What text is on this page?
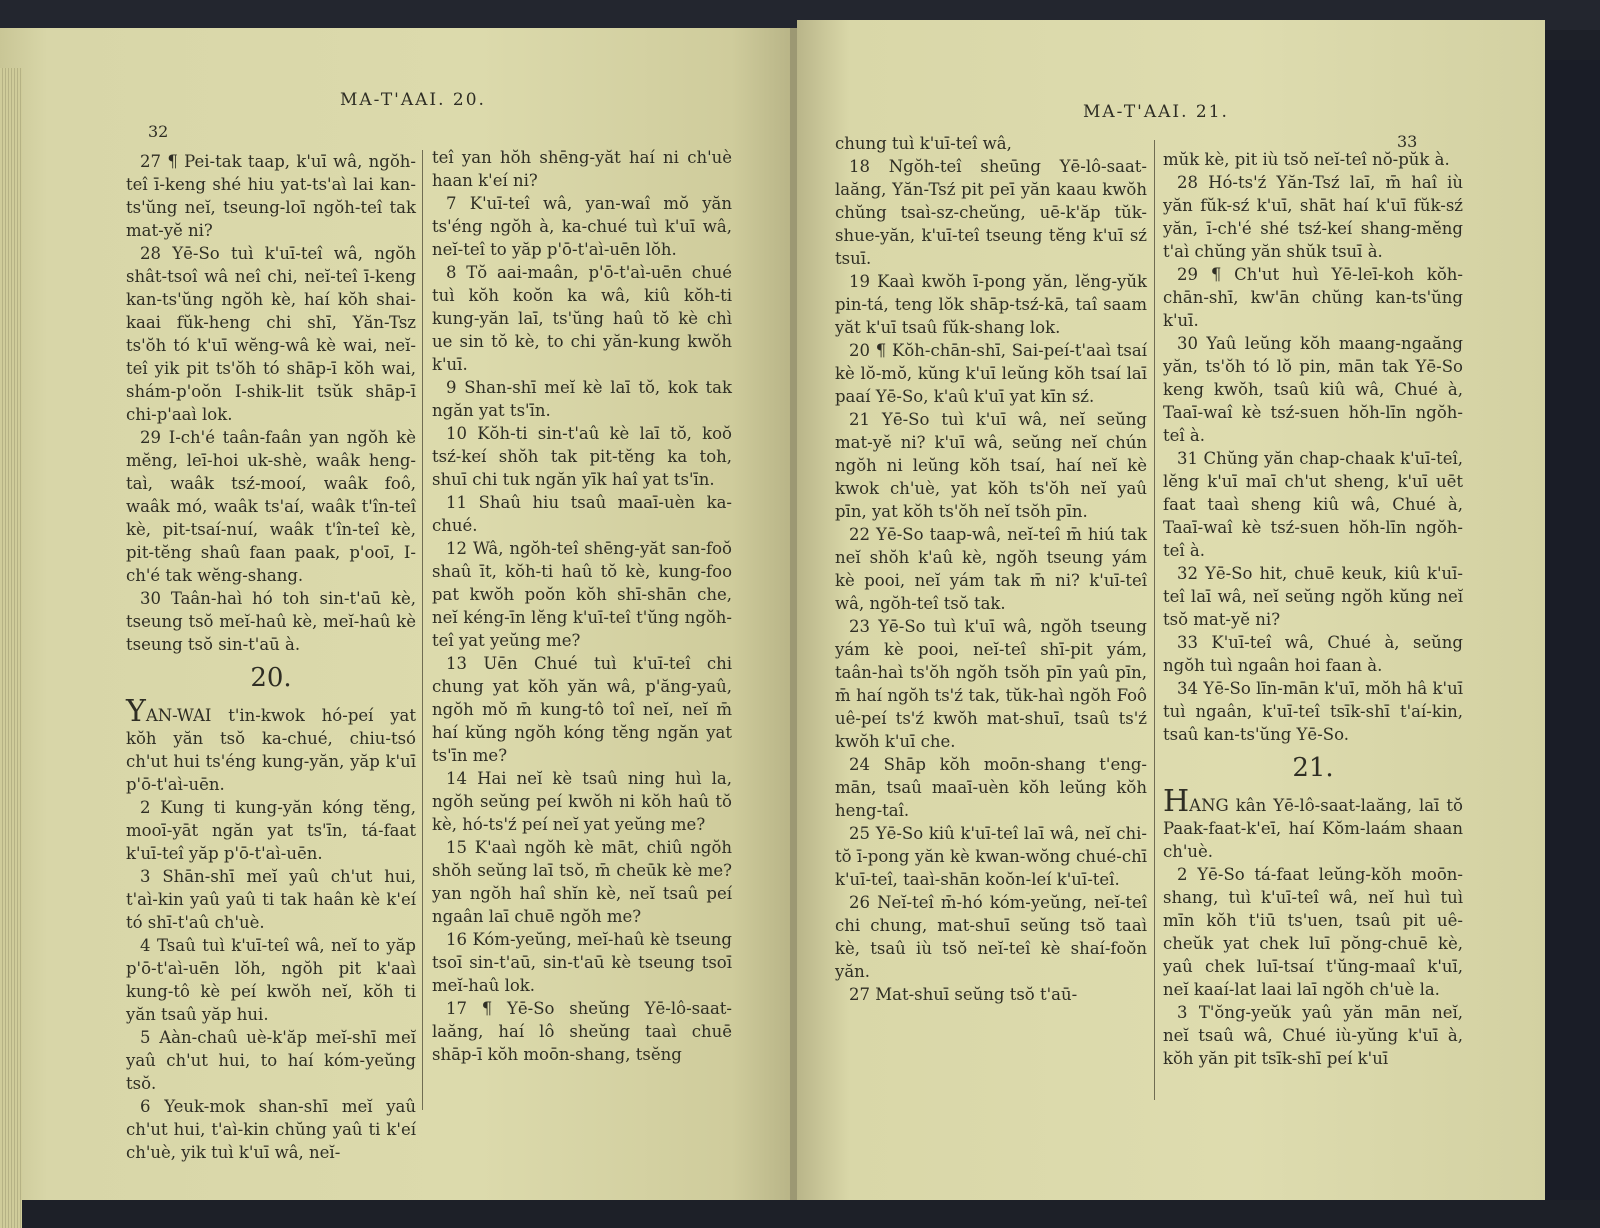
MA-T'AAI. 20.
32

27 ¶ Pei-tak taap, k'uī wâ, ngŏh-teî ī-keng shé hiu yat-ts'aì lai kan-ts'ŭng neĭ, tseung-loī ngŏh-teî tak mat-yĕ ni?

28 Yē-So tuì k'uī-teî wâ, ngŏh shât-tsoî wâ neî chi, neĭ-teî ī-keng kan-ts'ŭng ngŏh kè, haí kŏh shai-kaai fŭk-heng chi shī, Yăn-Tsz ts'ŏh tó k'uī wĕng-wâ kè wai, neĭ-teî yik pit ts'ŏh tó shāp-ī kŏh wai, shám-p'oŏn I-shik-lit tsŭk shāp-ī chi-p'aaì lok.

29 I-ch'é taân-faân yan ngŏh kè mĕng, leī-hoi uk-shè, waâk heng-taì, waâk tsź-mooí, waâk foô, waâk mó, waâk ts'aí, waâk t'în-teî kè, pit-tsaí-nuí, waâk t'în-teî kè, pit-tĕng shaû faan paak, p'ooī, I-ch'é tak wĕng-shang.

30 Taân-haì hó toh sin-t'aū kè, tseung tsŏ meĭ-haû kè, meĭ-haû kè tseung tsŏ sin-t'aū à.

20.

YAN-WAI t'in-kwok hó-peí yat kŏh yăn tsŏ ka-chué, chiu-tsó ch'ut hui ts'éng kung-yăn, yăp k'uī p'ō-t'aì-uēn.

2 Kung ti kung-yăn kóng tĕng, mooī-yāt ngăn yat ts'īn, tá-faat k'uī-teî yăp p'ō-t'aì-uēn.

3 Shān-shī meĭ yaû ch'ut hui, t'aì-kin yaû yaû ti tak haân kè k'eí tó shī-t'aû ch'uè.

4 Tsaû tuì k'uī-teî wâ, neĭ to yăp p'ō-t'aì-uēn lŏh, ngŏh pit k'aaì kung-tô kè peí kwŏh neĭ, kŏh ti yăn tsaû yăp hui.

5 Aàn-chaû uè-k'ăp meĭ-shī meĭ yaû ch'ut hui, to haí kóm-yeŭng tsŏ.

6 Yeuk-mok shan-shī meĭ yaû ch'ut hui, t'aì-kin chŭng yaû ti k'eí ch'uè, yik tuì k'uī wâ, neĭ-

teî yan hŏh shēng-yăt haí ni ch'uè haan k'eí ni?

7 K'uī-teî wâ, yan-waî mŏ yăn ts'éng ngŏh à, ka-chué tuì k'uī wâ, neĭ-teî to yăp p'ō-t'aì-uēn lŏh.

8 Tŏ aai-maân, p'ō-t'aì-uēn chué tuì kŏh koŏn ka wâ, kiû kŏh-ti kung-yăn laī, ts'ŭng haû tŏ kè chì ue sin tŏ kè, to chi yăn-kung kwŏh k'uī.

9 Shan-shī meĭ kè laī tŏ, kok tak ngăn yat ts'īn.

10 Kŏh-ti sin-t'aû kè laī tŏ, koŏ tsź-keí shŏh tak pit-tĕng ka toh, shuī chi tuk ngăn yīk haî yat ts'īn.

11 Shaû hiu tsaû maaī-uèn ka-chué.

12 Wâ, ngŏh-teî shēng-yăt san-foŏ shaû īt, kŏh-ti haû tŏ kè, kung-foo pat kwŏh poŏn kŏh shī-shān che, neĭ kéng-īn lĕng k'uī-teî t'ŭng ngŏh-teî yat yeŭng me?

13 Uēn Chué tuì k'uī-teî chi chung yat kŏh yăn wâ, p'ăng-yaû, ngŏh mŏ m̄ kung-tô toî neĭ, neĭ m̄ haí kŭng ngŏh kóng tĕng ngăn yat ts'īn me?

14 Hai neĭ kè tsaû ning huì la, ngŏh seŭng peí kwŏh ni kŏh haû tŏ kè, hó-ts'ź peí neĭ yat yeŭng me?

15 K'aaì ngŏh kè māt, chiû ngŏh shŏh seŭng laī tsŏ, m̄ cheūk kè me? yan ngŏh haî shĭn kè, neĭ tsaû peí ngaân laī chuē ngŏh me?

16 Kóm-yeŭng, meĭ-haû kè tseung tsoī sin-t'aū, sin-t'aū kè tseung tsoī meĭ-haû lok.

17 ¶ Yē-So sheŭng Yē-lô-saat-laăng, haí lô sheŭng taaì chuē shāp-ī kŏh moōn-shang, tsĕng

MA-T'AAI. 21.
33

chung tuì k'uī-teî wâ,

18 Ngŏh-teî sheūng Yē-lô-saat-laăng, Yăn-Tsź pit peī yăn kaau kwŏh chŭng tsaì-sz-cheŭng, uē-k'ăp tŭk-shue-yăn, k'uī-teî tseung tĕng k'uī sź tsuī.

19 Kaaì kwŏh ī-pong yăn, lĕng-yŭk pin-tá, teng lŏk shāp-tsź-kā, taî saam yăt k'uī tsaû fŭk-shang lok.

20 ¶ Kŏh-chān-shī, Sai-peí-t'aaì tsaí kè lŏ-mŏ, kŭng k'uī leŭng kŏh tsaí laī paaí Yē-So, k'aû k'uī yat kīn sź.

21 Yē-So tuì k'uī wâ, neĭ seŭng mat-yĕ ni? k'uī wâ, seŭng neĭ chún ngŏh ni leŭng kŏh tsaí, haí neĭ kè kwok ch'uè, yat kŏh ts'ŏh neĭ yaû pīn, yat kŏh ts'ŏh neĭ tsŏh pīn.

22 Yē-So taap-wâ, neĭ-teî m̄ hiú tak neĭ shŏh k'aû kè, ngŏh tseung yám kè pooi, neĭ yám tak m̄ ni? k'uī-teî wâ, ngŏh-teî tsŏ tak.

23 Yē-So tuì k'uī wâ, ngŏh tseung yám kè pooi, neĭ-teî shī-pit yám, taân-haì ts'ŏh ngŏh tsŏh pīn yaû pīn, m̄ haí ngŏh ts'ź tak, tŭk-haì ngŏh Foô uê-peí ts'ź kwŏh mat-shuī, tsaû ts'ź kwŏh k'uī che.

24 Shāp kŏh moōn-shang t'eng-mān, tsaû maaī-uèn kŏh leŭng kŏh heng-taî.

25 Yē-So kiû k'uī-teî laī wâ, neĭ chi-tŏ ī-pong yăn kè kwan-wŏng chué-chī k'uī-teî, taaì-shān koŏn-leí k'uī-teî.

26 Neĭ-teî m̄-hó kóm-yeŭng, neĭ-teî chi chung, mat-shuī seŭng tsŏ taaì kè, tsaû iù tsŏ neĭ-teî kè shaí-foŏn yăn.

27 Mat-shuī seŭng tsŏ t'aū-

mŭk kè, pit iù tsŏ neĭ-teî nŏ-pŭk à.

28 Hó-ts'ź Yăn-Tsź laī, m̄ haî iù yăn fŭk-sź k'uī, shāt haí k'uī fŭk-sź yăn, ī-ch'é shé tsź-keí shang-mĕng t'aì chŭng yăn shŭk tsuī à.

29 ¶ Ch'ut huì Yē-leī-koh kŏh-chān-shī, kw'ān chŭng kan-ts'ŭng k'uī.

30 Yaû leŭng kŏh maang-ngaăng yăn, ts'ŏh tó lŏ pin, mān tak Yē-So keng kwŏh, tsaû kiû wâ, Chué à, Taaī-waî kè tsź-suen hŏh-līn ngŏh-teî à.

31 Chŭng yăn chap-chaak k'uī-teî, lĕng k'uī maī ch'ut sheng, k'uī uēt faat taaì sheng kiû wâ, Chué à, Taaī-waî kè tsź-suen hŏh-līn ngŏh-teî à.

32 Yē-So hit, chuē keuk, kiû k'uī-teî laī wâ, neĭ seŭng ngŏh kŭng neĭ tsŏ mat-yĕ ni?

33 K'uī-teî wâ, Chué à, seŭng ngŏh tuì ngaân hoi faan à.

34 Yē-So līn-mān k'uī, mŏh hâ k'uī tuì ngaân, k'uī-teî tsīk-shī t'aí-kin, tsaû kan-ts'ŭng Yē-So.

21.

HANG kân Yē-lô-saat-laăng, laī tŏ Paak-faat-k'eī, haí Kŏm-laám shaan ch'uè.

2 Yē-So tá-faat leŭng-kŏh moōn-shang, tuì k'uī-teî wâ, neĭ huì tuì mīn kŏh t'iū ts'uen, tsaû pit uê-cheŭk yat chek luī pŏng-chuē kè, yaû chek luī-tsaí t'ŭng-maaî k'uī, neĭ kaaí-lat laai laī ngŏh ch'uè la.

3 T'ŏng-yeŭk yaû yăn mān neĭ, neĭ tsaû wâ, Chué iù-yŭng k'uī à, kŏh yăn pit tsīk-shī peí k'uī
